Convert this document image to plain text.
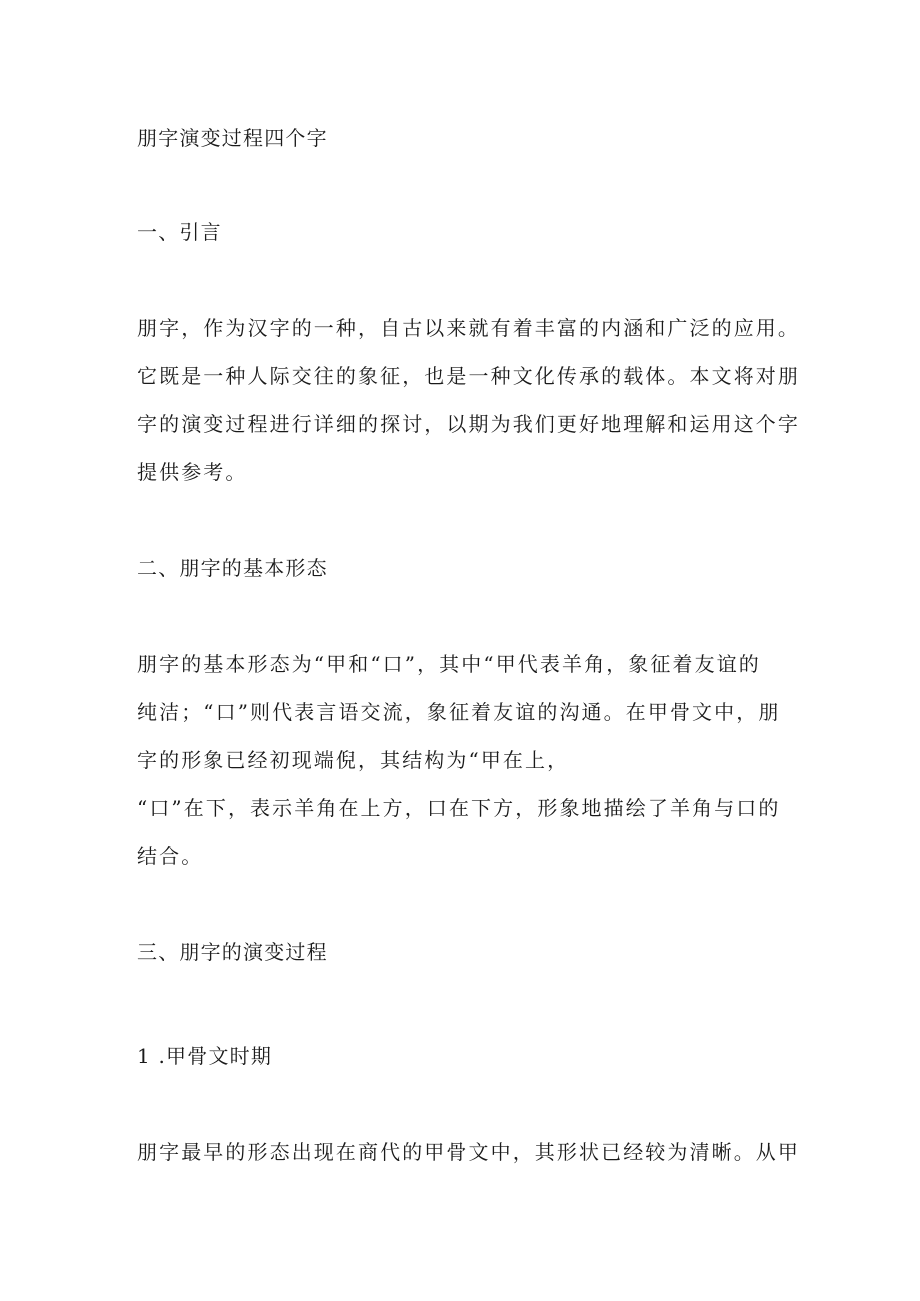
朋字演变过程四个字
一、引言
朋字，作为汉字的一种，自古以来就有着丰富的内涵和广泛的应用。
它既是一种人际交往的象征，也是一种文化传承的载体。本文将对朋
字的演变过程进行详细的探讨，以期为我们更好地理解和运用这个字
提供参考。
二、朋字的基本形态
朋字的基本形态为“甲和“口”，其中“甲代表羊角，象征着友谊的
纯洁；“口”则代表言语交流，象征着友谊的沟通。在甲骨文中，朋
字的形象已经初现端倪，其结构为“甲在上，
“口”在下，表示羊角在上方，口在下方，形象地描绘了羊角与口的
结合。
三、朋字的演变过程
1 .甲骨文时期
朋字最早的形态出现在商代的甲骨文中，其形状已经较为清晰。从甲
